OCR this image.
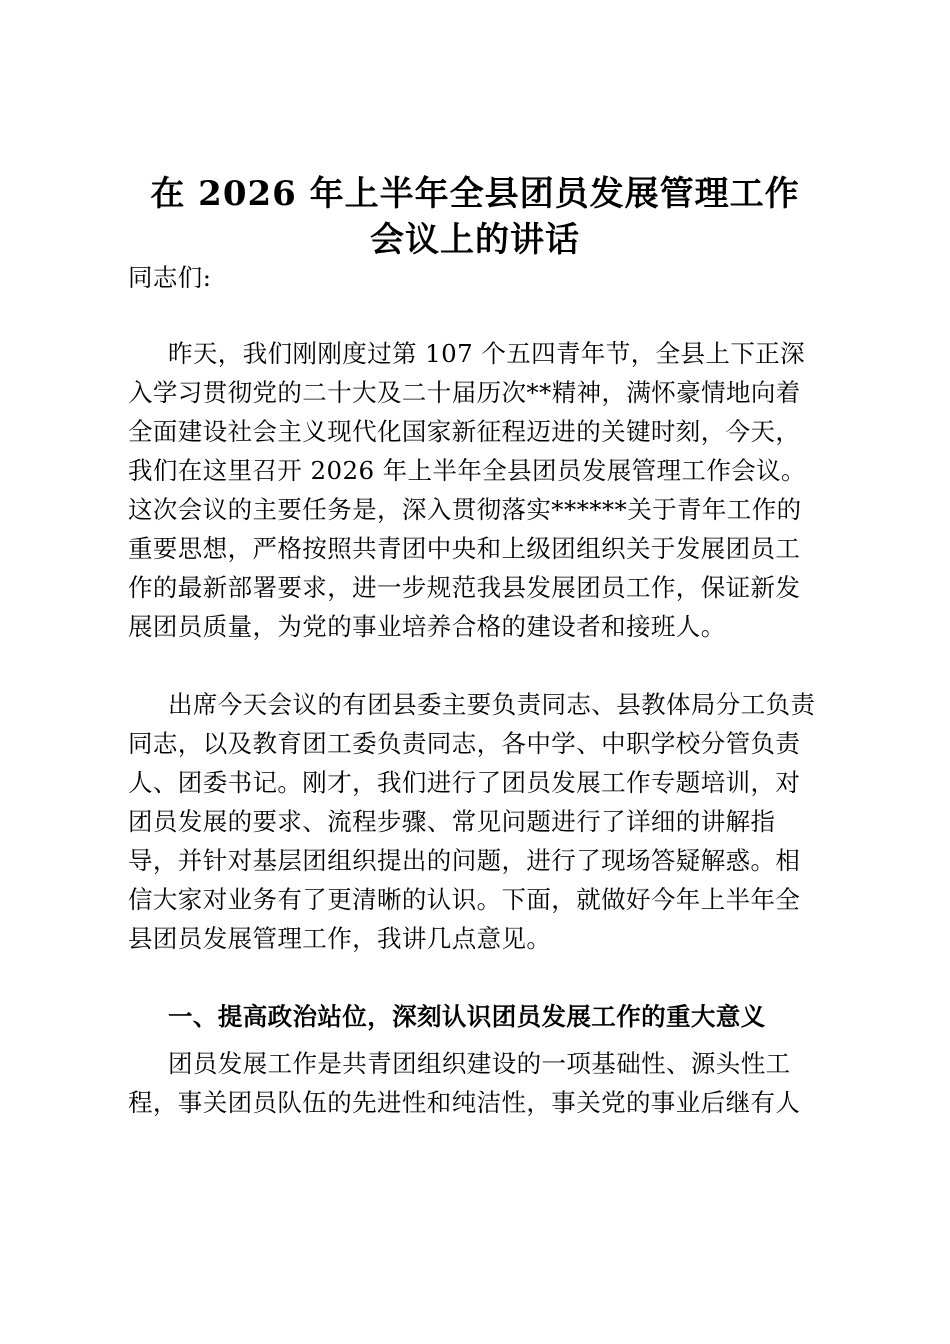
在 2026 年上半年全县团员发展管理工作
会议上的讲话
同志们:
昨天，我们刚刚度过第 107 个五四青年节，全县上下正深
入学习贯彻党的二十大及二十届历次**精神，满怀豪情地向着
全面建设社会主义现代化国家新征程迈进的关键时刻，今天，
我们在这里召开 2026 年上半年全县团员发展管理工作会议。
这次会议的主要任务是，深入贯彻落实******关于青年工作的
重要思想，严格按照共青团中央和上级团组织关于发展团员工
作的最新部署要求，进一步规范我县发展团员工作，保证新发
展团员质量，为党的事业培养合格的建设者和接班人。
出席今天会议的有团县委主要负责同志、县教体局分工负责
同志，以及教育团工委负责同志，各中学、中职学校分管负责
人、团委书记。刚才，我们进行了团员发展工作专题培训，对
团员发展的要求、流程步骤、常见问题进行了详细的讲解指
导，并针对基层团组织提出的问题，进行了现场答疑解惑。相
信大家对业务有了更清晰的认识。下面，就做好今年上半年全
县团员发展管理工作，我讲几点意见。
一、提高政治站位，深刻认识团员发展工作的重大意义
团员发展工作是共青团组织建设的一项基础性、源头性工
程，事关团员队伍的先进性和纯洁性，事关党的事业后继有人
